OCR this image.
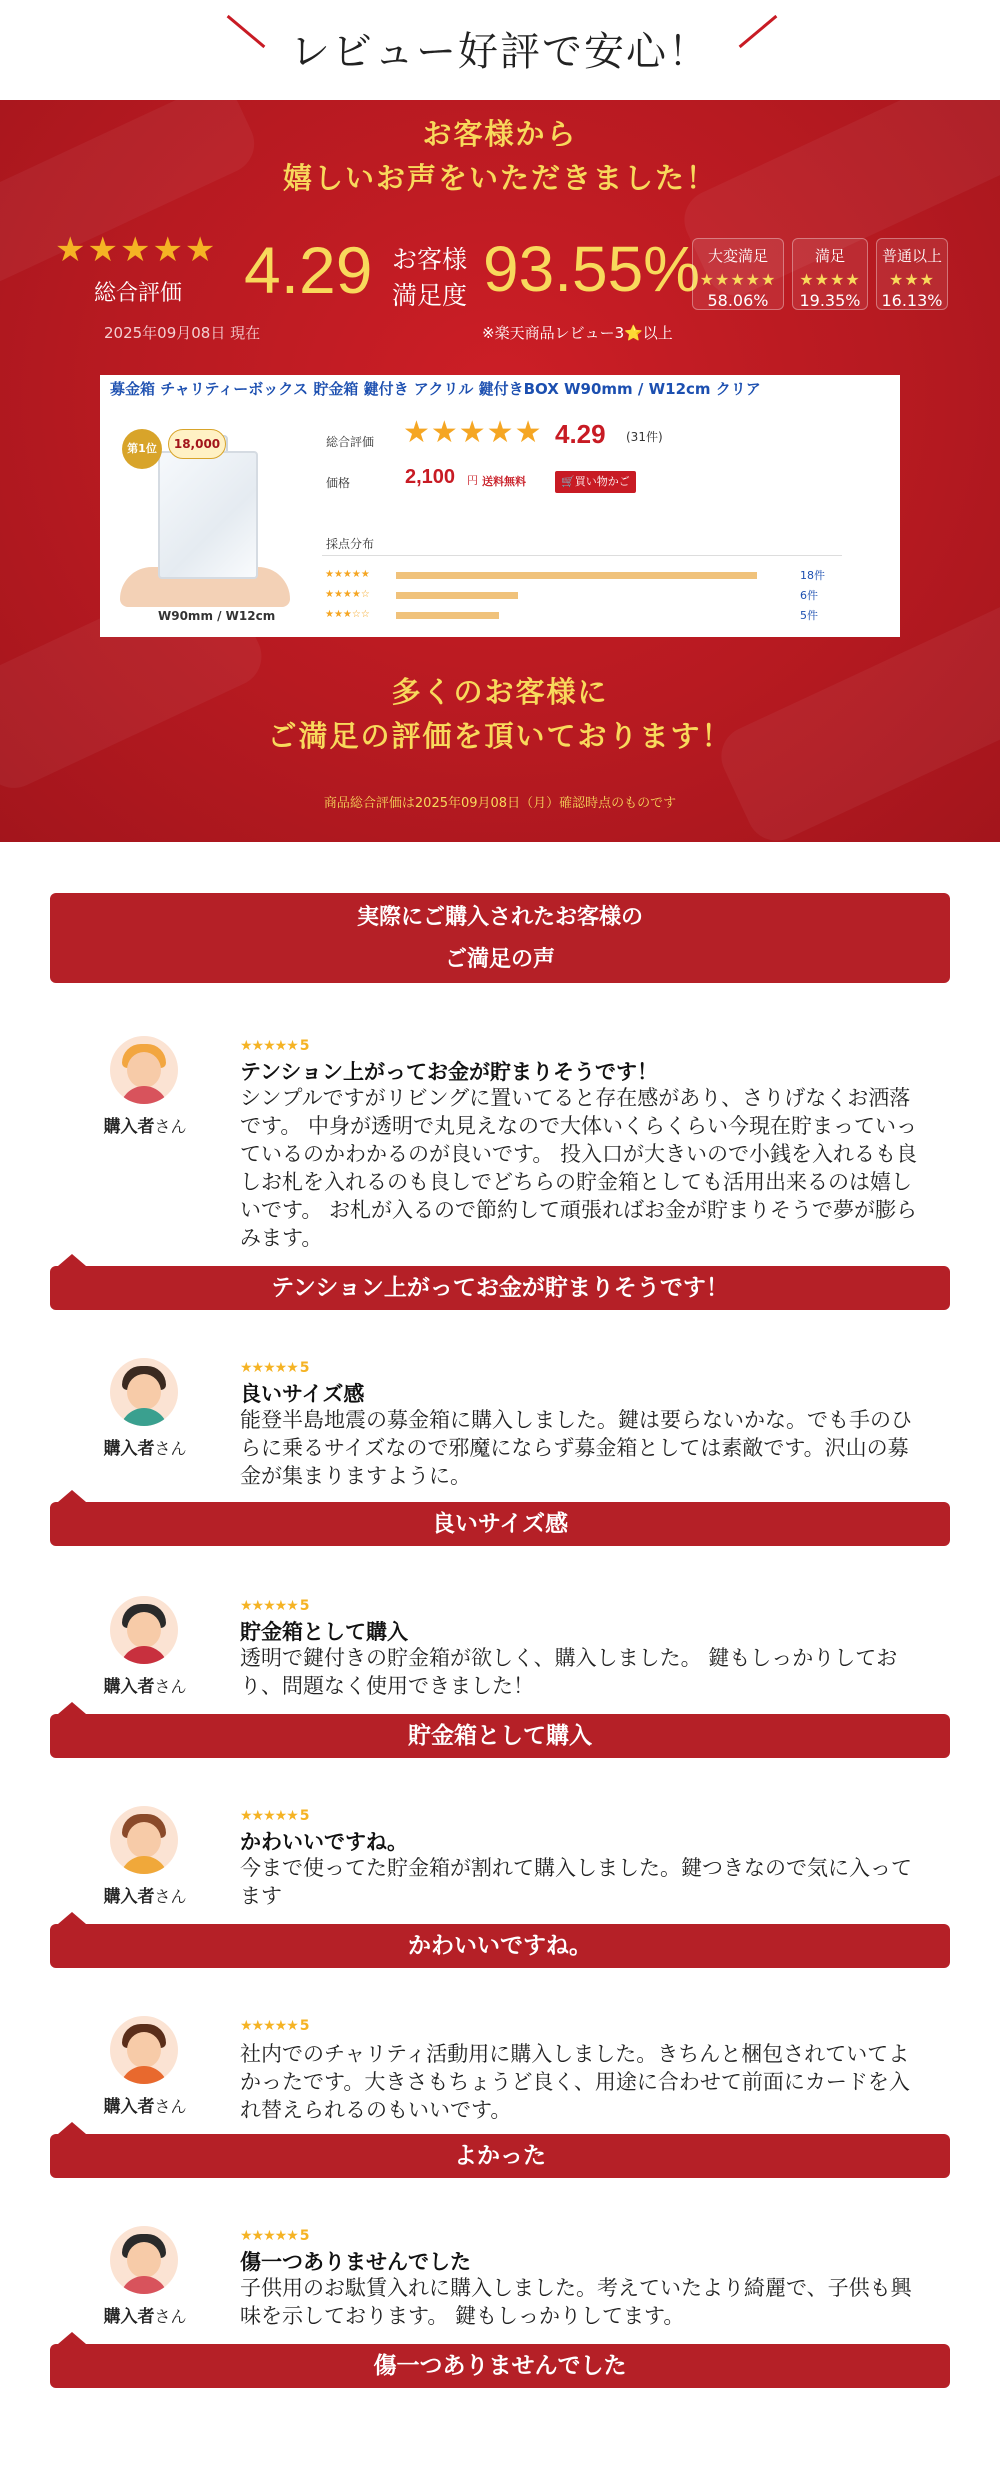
レビュー好評で安心！
お客様から
嬉しいお声をいただきました！
★★★★★
総合評価
2025年09月08日 現在
4.29 お客様
満足度 93.55%
※楽天商品レビュー3⭐以上
大変満足
★★★★★
58.06%
満足
★★★★
19.35%
普通以上
★★★
16.13%
募金箱 チャリティーボックス 貯金箱 鍵付き アクリル 鍵付きBOX W90mm / W12cm クリア
第1位	18,000
W90mm / W12cm
総合評価 ★★★★★ 4.29 (31件)
価格	2,100 円 送料無料	🛒買い物かご
採点分布
★★★★★	18件
★★★★☆	6件
★★★☆☆	5件
多くのお客様に
ご満足の評価を頂いております！
商品総合評価は2025年09月08日（月）確認時点のものです
実際にご購入されたお客様の
ご満足の声
購入者さん
★★★★★ 5
テンション上がってお金が貯まりそうです！
シンプルですがリビングに置いてると存在感があり、さりげなくお洒落です。 中身が透明で丸見えなので大体いくらくらい今現在貯まっていっているのかわかるのが良いです。 投入口が大きいので小銭を入れるも良しお札を入れるのも良しでどちらの貯金箱としても活用出来るのは嬉しいです。 お札が入るので節約して頑張ればお金が貯まりそうで夢が膨らみます。
テンション上がってお金が貯まりそうです！
購入者さん
★★★★★ 5
良いサイズ感
能登半島地震の募金箱に購入しました。鍵は要らないかな。でも手のひらに乗るサイズなので邪魔にならず募金箱としては素敵です。沢山の募金が集まりますように。
良いサイズ感
購入者さん
★★★★★ 5
貯金箱として購入
透明で鍵付きの貯金箱が欲しく、購入しました。 鍵もしっかりしており、問題なく使用できました！
貯金箱として購入
購入者さん
★★★★★ 5
かわいいですね。
今まで使ってた貯金箱が割れて購入しました。鍵つきなので気に入ってます
かわいいですね。
購入者さん
★★★★★ 5
社内でのチャリティ活動用に購入しました。きちんと梱包されていてよかったです。大きさもちょうど良く、用途に合わせて前面にカードを入れ替えられるのもいいです。
よかった
購入者さん
★★★★★ 5
傷一つありませんでした
子供用のお駄賃入れに購入しました。考えていたより綺麗で、子供も興味を示しております。 鍵もしっかりしてます。
傷一つありませんでした
